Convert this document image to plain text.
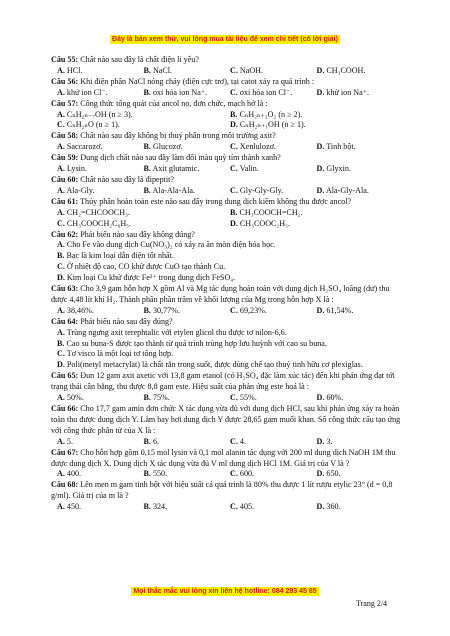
Đây là bản xem thử, vui lòng mua tài liệu để xem chi tiết (có lời giải)
Câu 55: Chất nào sau đây là chất điện li yếu?
A. HCl.	B. NaCl.	C. NaOH.	D. CH₃COOH.
Câu 56: Khi điện phân NaCl nóng chảy (điện cực trơ), tại catot xảy ra quá trình :
A. khử ion Cl⁻.	B. oxi hóa ion Na⁺.	C. oxi hóa ion Cl⁻.	D. khử ion Na⁺.
Câu 57: Công thức tổng quát của ancol no, đơn chức, mạch hở là :
A. CₙH₂ₙ₋₇OH (n ≥ 3).	B. CₙH₂ₙ₊₂O₂ (n ≥ 2).
C. CₙH₂ₙO (n ≥ 1).	D. CₙH₂ₙ₊₁OH (n ≥ 1).
Câu 58: Chất nào sau đây không bị thuỷ phân trong môi trường axit?
A. Saccarozơ.	B. Glucozơ.	C. Xenlulozơ.	D. Tinh bột.
Câu 59: Dung dịch chất nào sau đây làm đổi màu quỳ tím thành xanh?
A. Lysin.	B. Axit glutamic.	C. Valin.	D. Glyxin.
Câu 60: Chất nào sau đây là đipeptit?
A. Ala-Gly.	B. Ala-Ala-Ala.	C. Gly-Gly-Gly.	D. Ala-Gly-Ala.
Câu 61: Thủy phân hoàn toàn este nào sau đây trong dung dịch kiềm không thu được ancol?
A. CH₂=CHCOOCH₃.	B. CH₃COOCH=CH₂.
C. CH₃COOCH₂C₆H₅.	D. CH₃COOC₂H₅.
Câu 62: Phát biểu nào sau đây không đúng?
A. Cho Fe vào dung dịch Cu(NO₃)₂ có xảy ra ăn mòn điện hóa học.
B. Bạc là kim loại dẫn điện tốt nhất.
C. Ở nhiệt độ cao, CO khử được CuO tạo thành Cu.
D. Kim loại Cu khử được Fe²⁺ trong dung dịch FeSO₄.
Câu 63: Cho 3,9 gam hỗn hợp X gồm Al và Mg tác dụng hoàn toàn với dung dịch H₂SO₄ loãng (dư) thu được 4,48 lít khí H₂. Thành phần phần trăm về khối lượng của Mg trong hỗn hợp X là :
A. 38,46%.	B. 30,77%.	C. 69,23%.	D. 61,54%.
Câu 64: Phát biểu nào sau đây đúng?
A. Trùng ngưng axit terephtalic với etylen glicol thu được tơ nilon-6,6.
B. Cao su buna-S được tạo thành từ quá trình trùng hợp lưu huỳnh với cao su buna.
C. Tơ visco là một loại tơ tổng hợp.
D. Poli(metyl metacrylat) là chất rắn trong suốt, được dùng chế tạo thuỷ tinh hữu cơ plexiglas.
Câu 65: Đun 12 gam axit axetic với 13,8 gam etanol (có H₂SO₄ đặc làm xúc tác) đến khi phản ứng đạt tới trạng thái cân bằng, thu được 8,8 gam este. Hiệu suất của phản ứng este hoá là :
A. 50%.	B. 75%.	C. 55%.	D. 60%.
Câu 66: Cho 17,7 gam amin đơn chức X tác dụng vừa đủ với dung dịch HCl, sau khi phản ứng xảy ra hoàn toàn thu được dung dịch Y. Làm bay hơi dung dịch Y được 28,65 gam muối khan. Số công thức cấu tạo ứng với công thức phân tử của X là :
A. 5.	B. 6.	C. 4.	D. 3.
Câu 67: Cho hỗn hợp gồm 0,15 mol lysin và 0,1 mol alanin tác dụng với 200 ml dung dịch NaOH 1M thu được dung dịch X. Dung dịch X tác dụng vừa đủ V ml dung dịch HCl 1M. Giá trị của V là ?
A. 400.	B. 550.	C. 600.	D. 650.
Câu 68: Lên men m gam tinh bột với hiệu suất cả quá trình là 80% thu được 1 lít rượu etylic 23° (d = 0,8 g/ml). Giá trị của m là ?
A. 450.	B. 324.	C. 405.	D. 360.
Mọi thắc mắc vui lòng xin liên hệ hotline: 084 283 45 85
Trang 2/4
